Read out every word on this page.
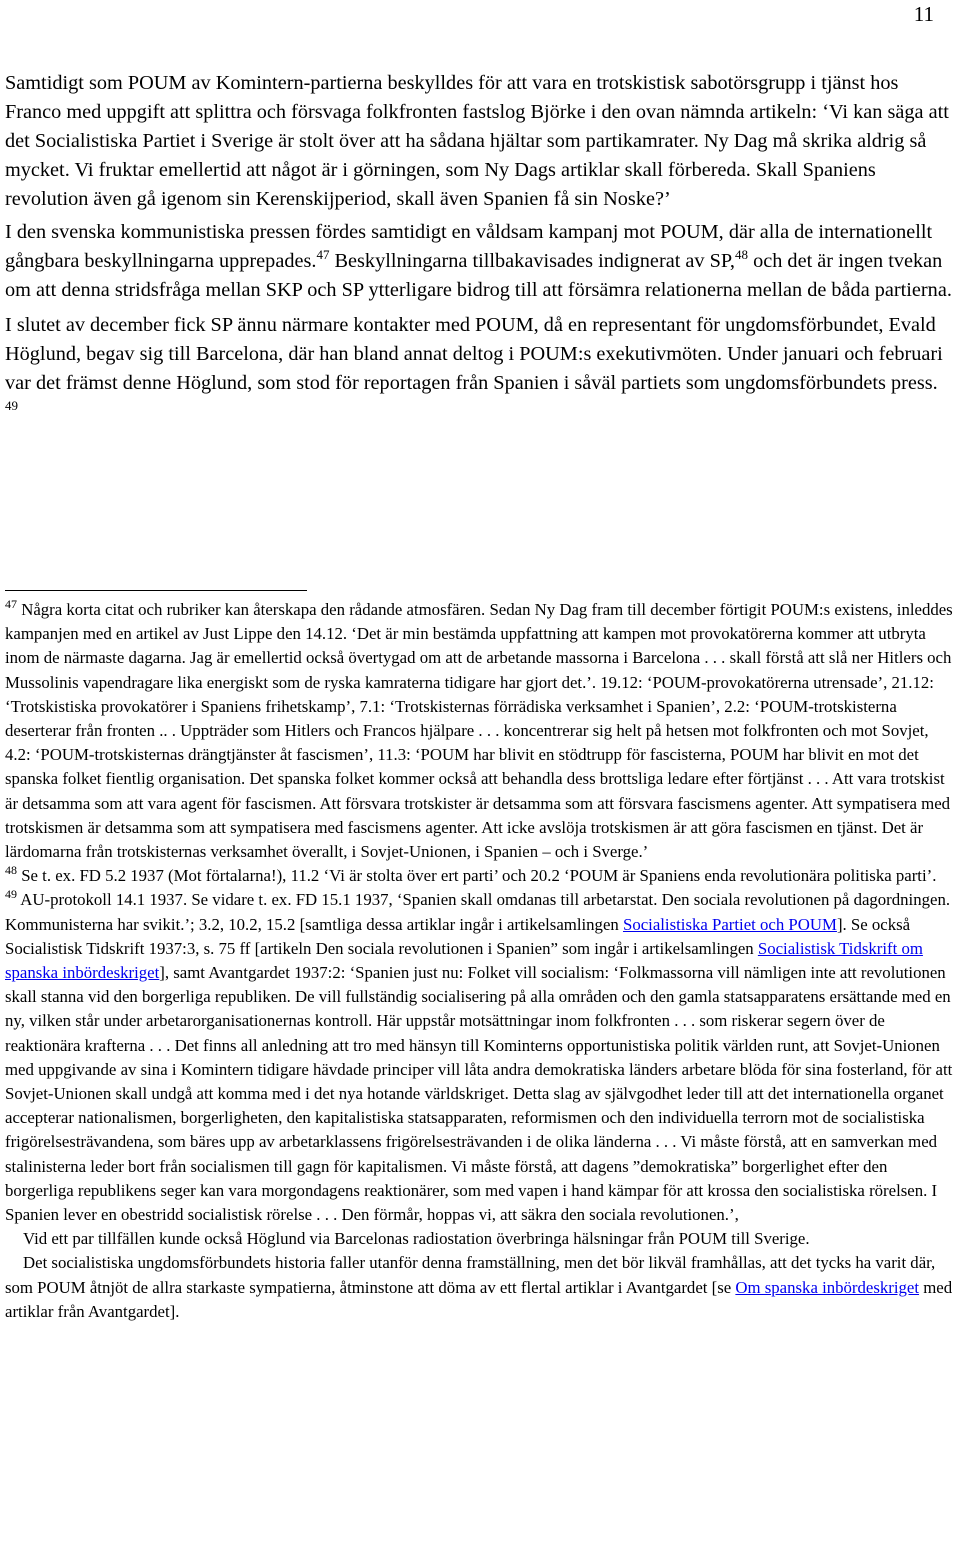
11

Samtidigt som POUM av Komintern-partierna beskylldes för att vara en trotskistisk sabotörsgrupp i tjänst hos Franco med uppgift att splittra och försvaga folkfronten fastslog Björke i den ovan nämnda artikeln: ‘Vi kan säga att det Socialistiska Partiet i Sverige är stolt över att ha sådana hjältar som partikamrater. Ny Dag må skrika aldrig så mycket. Vi fruktar emellertid att något är i görningen, som Ny Dags artiklar skall förbereda. Skall Spaniens revolution även gå igenom sin Kerenskijperiod, skall även Spanien få sin Noske?’

I den svenska kommunistiska pressen fördes samtidigt en våldsam kampanj mot POUM, där alla de internationellt gångbara beskyllningarna upprepades.$^{47}$ Beskyllningarna tillbakavisades indignerat av SP,$^{48}$ och det är ingen tvekan om att denna stridsfråga mellan SKP och SP ytterligare bidrog till att försämra relationerna mellan de båda partierna.

I slutet av december fick SP ännu närmare kontakter med POUM, då en representant för ungdomsförbundet, Evald Höglund, begav sig till Barcelona, där han bland annat deltog i POUM:s exekutivmöten. Under januari och februari var det främst denne Höglund, som stod för reportagen från Spanien i såväl partiets som ungdomsförbundets press. $^{49}$

$^{47}$ Några korta citat och rubriker kan återskapa den rådande atmosfären. Sedan Ny Dag fram till december förtigit POUM:s existens, inleddes kampanjen med en artikel av Just Lippe den 14.12. ‘Det är min bestämda uppfattning att kampen mot provokatörerna kommer att utbryta inom de närmaste dagarna. Jag är emellertid också övertygad om att de arbetande massorna i Barcelona . . . skall förstå att slå ner Hitlers och Mussolinis vapendragare lika energiskt som de ryska kamraterna tidigare har gjort det.’. 19.12: ‘POUM-provokatörerna utrensade’, 21.12: ‘Trotskistiska provokatörer i Spaniens frihetskamp’, 7.1: ‘Trotskisternas förrädiska verksamhet i Spanien’, 2.2: ‘POUM-trotskisterna deserterar från fronten .. . Uppträder som Hitlers och Francos hjälpare . . . koncentrerar sig helt på hetsen mot folkfronten och mot Sovjet, 4.2: ‘POUM-trotskisternas drängtjänster åt fascismen’, 11.3: ‘POUM har blivit en stödtrupp för fascisterna, POUM har blivit en mot det spanska folket fientlig organisation. Det spanska folket kommer också att behandla dess brottsliga ledare efter förtjänst . . . Att vara trotskist är detsamma som att vara agent för fascismen. Att försvara trotskister är detsamma som att försvara fascismens agenter. Att sympatisera med trotskismen är detsamma som att sympatisera med fascismens agenter. Att icke avslöja trotskismen är att göra fascismen en tjänst. Det är lärdomarna från trotskisternas verksamhet överallt, i Sovjet-Unionen, i Spanien – och i Sverge.’

$^{48}$ Se t. ex. FD 5.2 1937 (Mot förtalarna!), 11.2 ‘Vi är stolta över ert parti’ och 20.2 ‘POUM är Spaniens enda revolutionära politiska parti’.

$^{49}$ AU-protokoll 14.1 1937. Se vidare t. ex. FD 15.1 1937, ‘Spanien skall omdanas till arbetarstat. Den sociala revolutionen på dagordningen. Kommunisterna har svikit.’; 3.2, 10.2, 15.2 [samtliga dessa artiklar ingår i artikelsamlingen Socialistiska Partiet och POUM]. Se också Socialistisk Tidskrift 1937:3, s. 75 ff [artikeln Den sociala revolutionen i Spanien” som ingår i artikelsamlingen Socialistisk Tidskrift om spanska inbördeskriget], samt Avantgardet 1937:2: ‘Spanien just nu: Folket vill socialism: ‘Folkmassorna vill nämligen inte att revolutionen skall stanna vid den borgerliga republiken. De vill fullständig socialisering på alla områden och den gamla statsapparatens ersättande med en ny, vilken står under arbetarorganisationernas kontroll. Här uppstår motsättningar inom folkfronten . . . som riskerar segern över de reaktionära krafterna . . . Det finns all anledning att tro med hänsyn till Kominterns opportunistiska politik världen runt, att Sovjet-Unionen med uppgivande av sina i Komintern tidigare hävdade principer vill låta andra demokratiska länders arbetare blöda för sina fosterland, för att Sovjet-Unionen skall undgå att komma med i det nya hotande världskriget. Detta slag av självgodhet leder till att det internationella organet accepterar nationalismen, borgerligheten, den kapitalistiska statsapparaten, reformismen och den individuella terrorn mot de socialistiska frigörelsesträvandena, som bäres upp av arbetarklassens frigörelsesträvanden i de olika länderna . . . Vi måste förstå, att en samverkan med stalinisterna leder bort från socialismen till gagn för kapitalismen. Vi måste förstå, att dagens ”demokratiska” borgerlighet efter den borgerliga republikens seger kan vara morgondagens reaktionärer, som med vapen i hand kämpar för att krossa den socialistiska rörelsen. I Spanien lever en obestridd socialistisk rörelse . . . Den förmår, hoppas vi, att säkra den sociala revolutionen.’,

Vid ett par tillfällen kunde också Höglund via Barcelonas radiostation överbringa hälsningar från POUM till Sverige.

Det socialistiska ungdomsförbundets historia faller utanför denna framställning, men det bör likväl framhållas, att det tycks ha varit där, som POUM åtnjöt de allra starkaste sympatierna, åtminstone att döma av ett flertal artiklar i Avantgardet [se Om spanska inbördeskriget med artiklar från Avantgardet].
